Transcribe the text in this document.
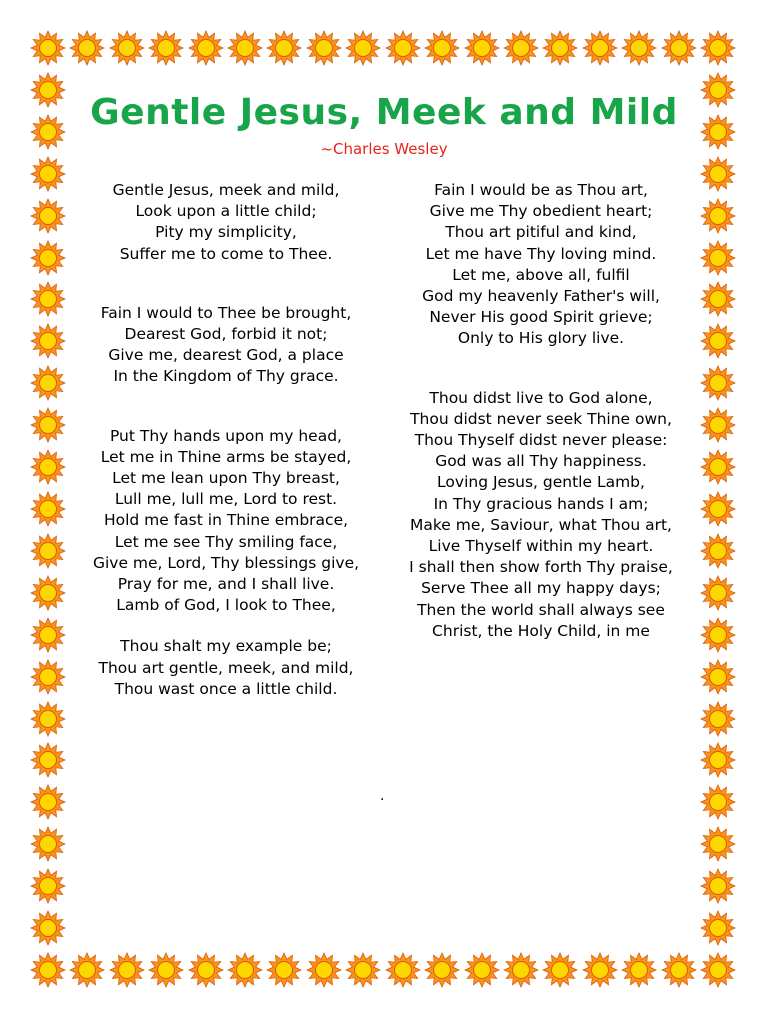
Gentle Jesus, Meek and Mild
~Charles Wesley
Gentle Jesus, meek and mild,
Look upon a little child;
Pity my simplicity,
Suffer me to come to Thee.
Fain I would to Thee be brought,
Dearest God, forbid it not;
Give me, dearest God, a place
In the Kingdom of Thy grace.
Put Thy hands upon my head,
Let me in Thine arms be stayed,
Let me lean upon Thy breast,
Lull me, lull me, Lord to rest.
Hold me fast in Thine embrace,
Let me see Thy smiling face,
Give me, Lord, Thy blessings give,
Pray for me, and I shall live.
Lamb of God, I look to Thee,
Thou shalt my example be;
Thou art gentle, meek, and mild,
Thou wast once a little child.
Fain I would be as Thou art,
Give me Thy obedient heart;
Thou art pitiful and kind,
Let me have Thy loving mind.
Let me, above all, fulfil
God my heavenly Father's will,
Never His good Spirit grieve;
Only to His glory live.
Thou didst live to God alone,
Thou didst never seek Thine own,
Thou Thyself didst never please:
God was all Thy happiness.
Loving Jesus, gentle Lamb,
In Thy gracious hands I am;
Make me, Saviour, what Thou art,
Live Thyself within my heart.
I shall then show forth Thy praise,
Serve Thee all my happy days;
Then the world shall always see
Christ, the Holy Child, in me
.
